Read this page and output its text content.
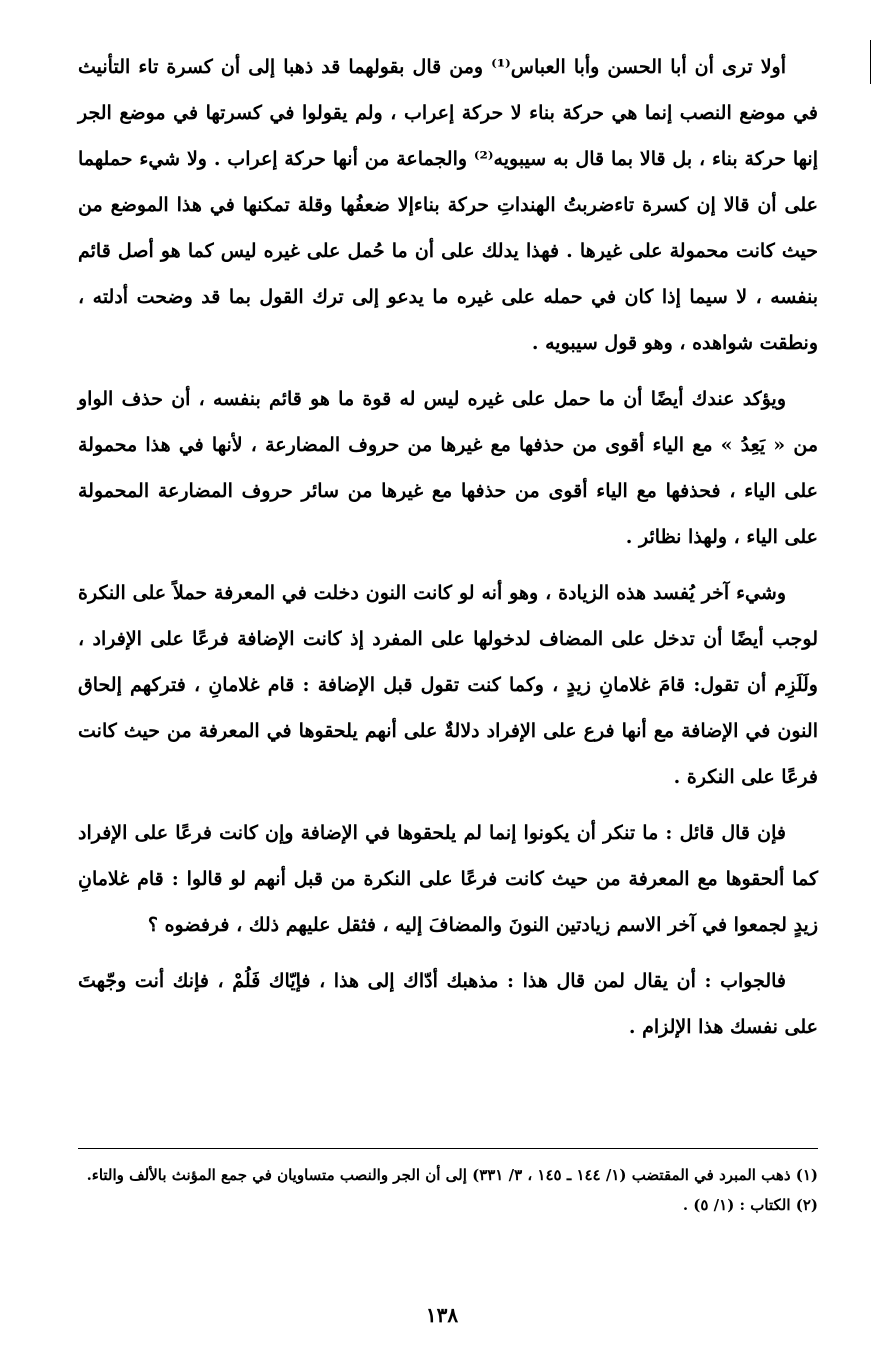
أولا ترى أن أبا الحسن وأبا العباس⁽¹⁾ ومن قال بقولهما قد ذهبا إلى أن كسرة تاء التأنيث في موضع النصب إنما هي حركة بناء لا حركة إعراب ، ولم يقولوا في كسرتها في موضع الجر إنها حركة بناء ، بل قالا بما قال به سيبويه⁽²⁾ والجماعة من أنها حركة إعراب . ولا شيء حملهما على أن قالا إن كسرة تاءضربتُ الهنداتِ حركة بناءإلا ضعفُها وقلة تمكنها في هذا الموضع من حيث كانت محمولة على غيرها . فهذا يدلك على أن ما حُمل على غيره ليس كما هو أصل قائم بنفسه ، لا سيما إذا كان في حمله على غيره ما يدعو إلى ترك القول بما قد وضحت أدلته ، ونطقت شواهده ، وهو قول سيبويه .

ويؤكد عندك أيضًا أن ما حمل على غيره ليس له قوة ما هو قائم بنفسه ، أن حذف الواو من « يَعِدُ » مع الياء أقوى من حذفها مع غيرها من حروف المضارعة ، لأنها في هذا محمولة على الياء ، فحذفها مع الياء أقوى من حذفها مع غيرها من سائر حروف المضارعة المحمولة على الياء ، ولهذا نظائر .

وشيء آخر يُفسد هذه الزيادة ، وهو أنه لو كانت النون دخلت في المعرفة حملاً على النكرة لوجب أيضًا أن تدخل على المضاف لدخولها على المفرد إذ كانت الإضافة فرعًا على الإفراد ، ولَلَزِم أن تقول: قامَ غلامانِ زيدٍ ، وكما كنت تقول قبل الإضافة : قام غلامانِ ، فتركهم إلحاق النون في الإضافة مع أنها فرع على الإفراد دلالةٌ على أنهم يلحقوها في المعرفة من حيث كانت فرعًا على النكرة .

فإن قال قائل : ما تنكر أن يكونوا إنما لم يلحقوها في الإضافة وإن كانت فرعًا على الإفراد كما ألحقوها مع المعرفة من حيث كانت فرعًا على النكرة من قبل أنهم لو قالوا : قام غلامانِ زيدٍ لجمعوا في آخر الاسم زيادتين النونَ والمضافَ إليه ، فثقل عليهم ذلك ، فرفضوه ؟

فالجواب : أن يقال لمن قال هذا : مذهبك أدّاك إلى هذا ، فإيّاك فَلُمْ ، فإنك أنت وجّهتَ على نفسك هذا الإلزام .

(١) ذهب المبرد في المقتضب (١/ ١٤٤ ـ ١٤٥ ، ٣/ ٣٣١) إلى أن الجر والنصب متساويان في جمع المؤنث بالألف والتاء.

(٢) الكتاب : (١/ ٥) .

١٣٨
